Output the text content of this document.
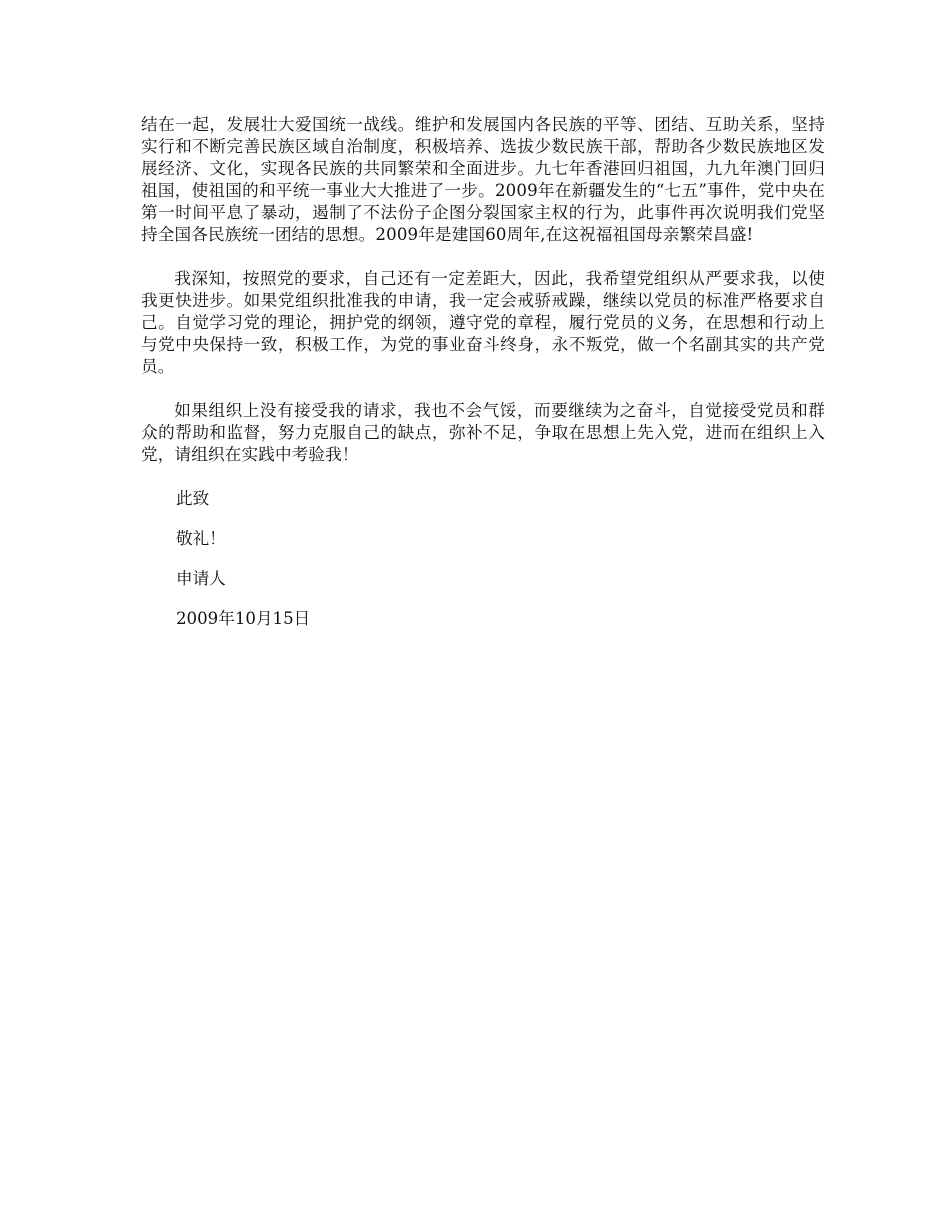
结在一起，发展壮大爱国统一战线。维护和发展国内各民族的平等、团结、互助关系，坚持实行和不断完善民族区域自治制度，积极培养、选拔少数民族干部，帮助各少数民族地区发展经济、文化，实现各民族的共同繁荣和全面进步。九七年香港回归祖国，九九年澳门回归祖国，使祖国的和平统一事业大大推进了一步。2009年在新疆发生的“七五”事件，党中央在第一时间平息了暴动，遏制了不法份子企图分裂国家主权的行为，此事件再次说明我们党坚持全国各民族统一团结的思想。2009年是建国60周年,在这祝福祖国母亲繁荣昌盛!

我深知，按照党的要求，自己还有一定差距大，因此，我希望党组织从严要求我，以使我更快进步。如果党组织批准我的申请，我一定会戒骄戒躁，继续以党员的标准严格要求自己。自觉学习党的理论，拥护党的纲领，遵守党的章程，履行党员的义务，在思想和行动上与党中央保持一致，积极工作，为党的事业奋斗终身，永不叛党，做一个名副其实的共产党员。

如果组织上没有接受我的请求，我也不会气馁，而要继续为之奋斗，自觉接受党员和群众的帮助和监督，努力克服自己的缺点，弥补不足，争取在思想上先入党，进而在组织上入党，请组织在实践中考验我！

此致

敬礼！

申请人

2009年10月15日
